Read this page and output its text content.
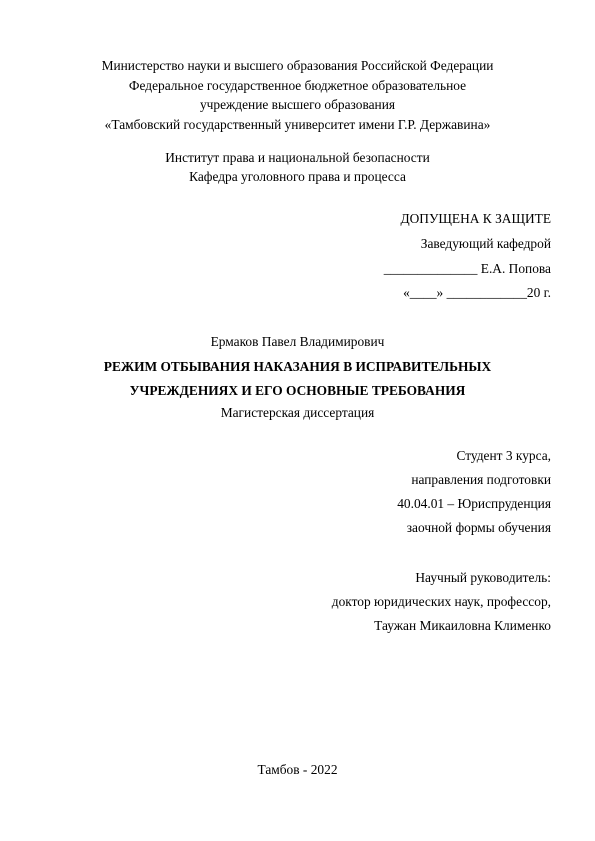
Министерство науки и высшего образования Российской Федерации
Федеральное государственное бюджетное образовательное
учреждение высшего образования
«Тамбовский государственный университет имени Г.Р. Державина»
Институт права и национальной безопасности
Кафедра уголовного права и процесса
ДОПУЩЕНА К ЗАЩИТЕ
Заведующий кафедрой
______________ Е.А. Попова
«____» ____________20 г.
Ермаков Павел Владимирович
РЕЖИМ ОТБЫВАНИЯ НАКАЗАНИЯ В ИСПРАВИТЕЛЬНЫХ
УЧРЕЖДЕНИЯХ И ЕГО ОСНОВНЫЕ ТРЕБОВАНИЯ
Магистерская диссертация
Студент 3 курса,
направления подготовки
40.04.01 – Юриспруденция
заочной формы обучения
Научный руководитель:
доктор юридических наук, профессор,
Таужан Микаиловна Клименко
Тамбов - 2022
